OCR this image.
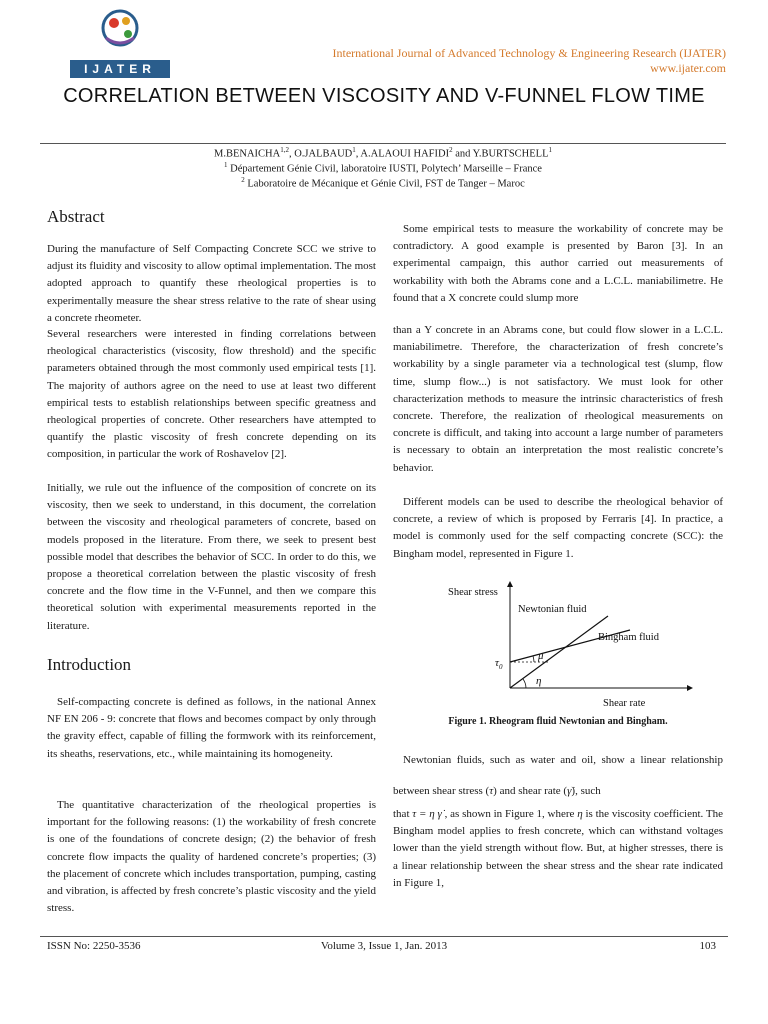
IJATER
International Journal of Advanced Technology & Engineering Research (IJATER)
www.ijater.com
CORRELATION BETWEEN VISCOSITY AND V-FUNNEL FLOW TIME
M.BENAICHA$^{1,2}$, O.JALBAUD$^1$, A.ALAOUI HAFIDI$^2$ and Y.BURTSCHELL$^1$
$^1$ Département Génie Civil, laboratoire IUSTI, Polytech’ Marseille – France
$^2$ Laboratoire de Mécanique et Génie Civil, FST de Tanger – Maroc
Abstract

During the manufacture of Self Compacting Concrete SCC we strive to adjust its fluidity and viscosity to allow optimal implementation. The most adopted approach to quantify these rheological properties is to experimentally measure the shear stress relative to the rate of shear using a concrete rheometer.

Several researchers were interested in finding correlations between rheological characteristics (viscosity, flow threshold) and the specific parameters obtained through the most commonly used empirical tests [1]. The majority of authors agree on the need to use at least two different empirical tests to establish relationships between specific greatness and rheological properties of concrete. Other researchers have attempted to quantify the plastic viscosity of fresh concrete depending on its composition, in particular the work of Roshavelov [2].

Initially, we rule out the influence of the composition of concrete on its viscosity, then we seek to understand, in this document, the correlation between the viscosity and rheological parameters of concrete, based on models proposed in the literature. From there, we seek to present best possible model that describes the behavior of SCC. In order to do this, we propose a theoretical correlation between the plastic viscosity of fresh concrete and the flow time in the V-Funnel, and then we compare this theoretical solution with experimental measurements reported in the literature.

Introduction

Self-compacting concrete is defined as follows, in the national Annex NF EN 206 - 9: concrete that flows and becomes compact by only through the gravity effect, capable of filling the formwork with its reinforcement, its sheaths, reservations, etc., while maintaining its homogeneity.

The quantitative characterization of the rheological properties is important for the following reasons: (1) the workability of fresh concrete is one of the foundations of concrete design; (2) the behavior of fresh concrete flow impacts the quality of hardened concrete’s properties; (3) the placement of concrete which includes transportation, pumping, casting and vibration, is affected by fresh concrete’s plastic viscosity and the yield stress.

Some empirical tests to measure the workability of concrete may be contradictory. A good example is presented by Baron [3]. In an experimental campaign, this author carried out measurements of workability with both the Abrams cone and a L.C.L. maniabilimetre. He found that a X concrete could slump more

than a Y concrete in an Abrams cone, but could flow slower in a L.C.L. maniabilimetre. Therefore, the characterization of fresh concrete’s workability by a single parameter via a technological test (slump, flow time, slump flow...) is not satisfactory. We must look for other characterization methods to measure the intrinsic characteristics of fresh concrete. Therefore, the realization of rheological measurements on concrete is difficult, and taking into account a large number of parameters is necessary to obtain an interpretation the most realistic concrete’s behavior.

Different models can be used to describe the rheological behavior of concrete, a review of which is proposed by Ferraris [4]. In practice, a model is commonly used for the self compacting concrete (SCC): the Bingham model, represented in Figure 1.

Shear stress
Shear rate
Newtonian fluid
Bingham fluid
μ
η
$\tau_0$
Figure 1. Rheogram fluid Newtonian and Bingham.

Newtonian fluids, such as water and oil, show a linear relationship between shear stress (τ) and shear rate (γ̇), such

that τ = η γ̇ , as shown in Figure 1, where η is the viscosity coefficient. The Bingham model applies to fresh concrete, which can withstand voltages lower than the yield strength without flow. But, at higher stresses, there is a linear relationship between the shear stress and the shear rate indicated in Figure 1,

ISSN No: 2250-3536	Volume 3, Issue 1, Jan. 2013	103
